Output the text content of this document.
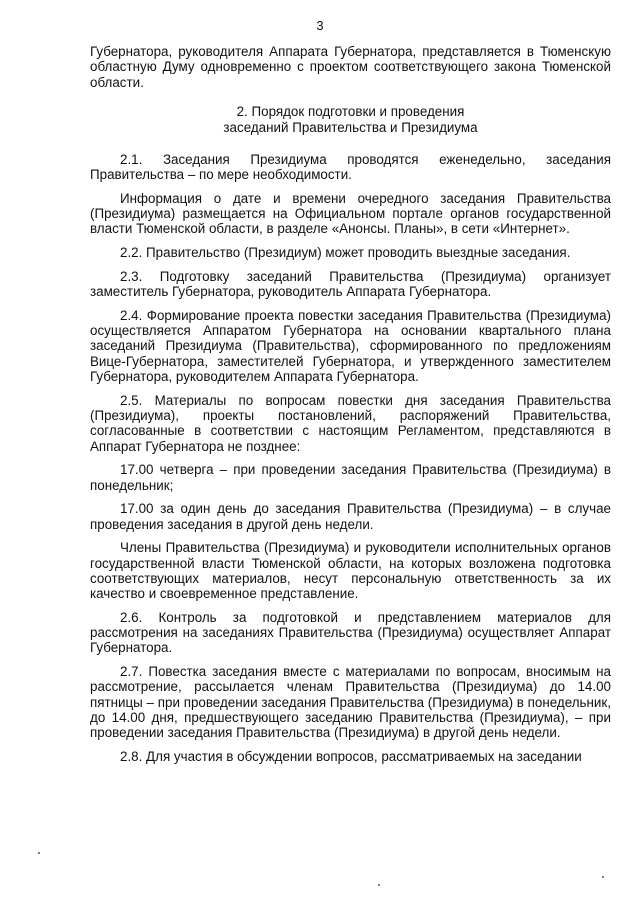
3

Губернатора, руководителя Аппарата Губернатора, представляется в Тюменскую областную Думу одновременно с проектом соответствующего закона Тюменской области.

2. Порядок подготовки и проведения
заседаний Правительства и Президиума

2.1. Заседания Президиума проводятся еженедельно, заседания Правительства – по мере необходимости.

Информация о дате и времени очередного заседания Правительства (Президиума) размещается на Официальном портале органов государственной власти Тюменской области, в разделе «Анонсы. Планы», в сети «Интернет».

2.2. Правительство (Президиум) может проводить выездные заседания.

2.3. Подготовку заседаний Правительства (Президиума) организует заместитель Губернатора, руководитель Аппарата Губернатора.

2.4. Формирование проекта повестки заседания Правительства (Президиума) осуществляется Аппаратом Губернатора на основании квартального плана заседаний Президиума (Правительства), сформированного по предложениям Вице-Губернатора, заместителей Губернатора, и утвержденного заместителем Губернатора, руководителем Аппарата Губернатора.

2.5. Материалы по вопросам повестки дня заседания Правительства (Президиума), проекты постановлений, распоряжений Правительства, согласованные в соответствии с настоящим Регламентом, представляются в Аппарат Губернатора не позднее:

17.00 четверга – при проведении заседания Правительства (Президиума) в понедельник;

17.00 за один день до заседания Правительства (Президиума) – в случае проведения заседания в другой день недели.

Члены Правительства (Президиума) и руководители исполнительных органов государственной власти Тюменской области, на которых возложена подготовка соответствующих материалов, несут персональную ответственность за их качество и своевременное представление.

2.6. Контроль за подготовкой и представлением материалов для рассмотрения на заседаниях Правительства (Президиума) осуществляет Аппарат Губернатора.

2.7. Повестка заседания вместе с материалами по вопросам, вносимым на рассмотрение, рассылается членам Правительства (Президиума) до 14.00 пятницы – при проведении заседания Правительства (Президиума) в понедельник, до 14.00 дня, предшествующего заседанию Правительства (Президиума), – при проведении заседания Правительства (Президиума) в другой день недели.

2.8. Для участия в обсуждении вопросов, рассматриваемых на заседании
